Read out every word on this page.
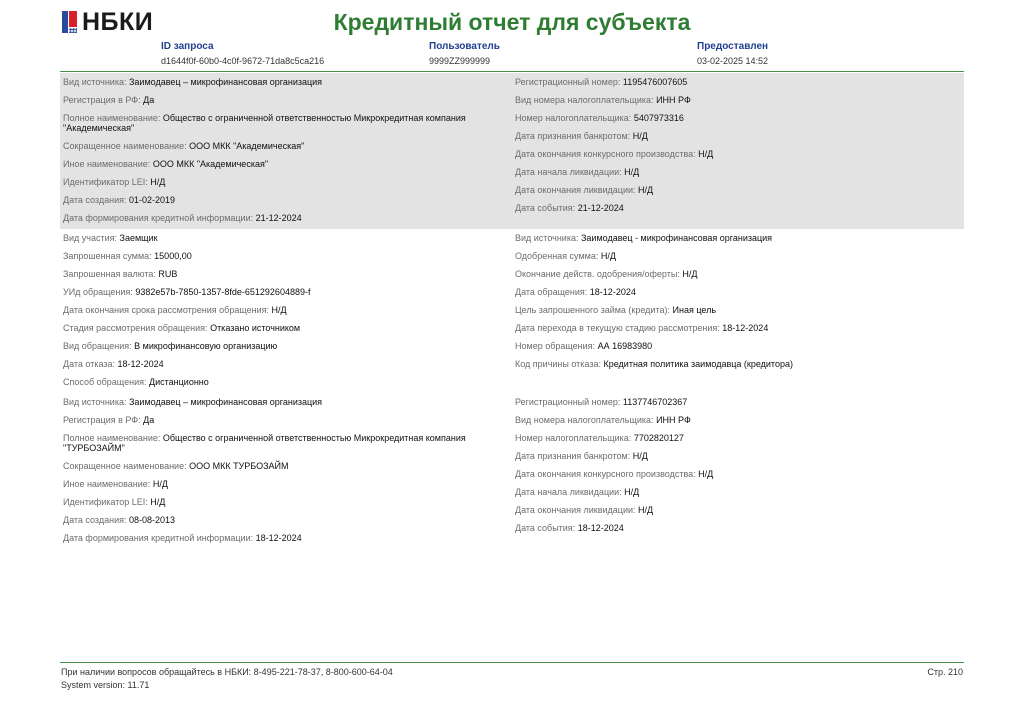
НБКИ	Кредитный отчет для субъекта
ID запроса
d1644f0f-60b0-4c0f-9672-71da8c5ca216
Пользователь
9999ZZ999999
Предоставлен
03-02-2025 14:52
Вид источника: Заимодавец – микрофинансовая организация
Регистрация в РФ: Да
Полное наименование: Общество с ограниченной ответственностью Микрокредитная компания "Академическая"
Сокращенное наименование: ООО МКК "Академическая"
Иное наименование: ООО МКК "Академическая"
Идентификатор LEI: Н/Д
Дата создания: 01-02-2019
Дата формирования кредитной информации: 21-12-2024
Регистрационный номер: 1195476007605
Вид номера налогоплательщика: ИНН РФ
Номер налогоплательщика: 5407973316
Дата признания банкротом: Н/Д
Дата окончания конкурсного производства: Н/Д
Дата начала ликвидации: Н/Д
Дата окончания ликвидации: Н/Д
Дата события: 21-12-2024
Вид участия: Заемщик
Запрошенная сумма: 15000,00
Запрошенная валюта: RUB
УИд обращения: 9382e57b-7850-1357-8fde-651292604889-f
Дата окончания срока рассмотрения обращения: Н/Д
Стадия рассмотрения обращения: Отказано источником
Вид обращения: В микрофинансовую организацию
Дата отказа: 18-12-2024
Способ обращения: Дистанционно
Вид источника: Заимодавец - микрофинансовая организация
Одобренная сумма: Н/Д
Окончание действ. одобрения/оферты: Н/Д
Дата обращения: 18-12-2024
Цель запрошенного займа (кредита): Иная цель
Дата перехода в текущую стадию рассмотрения: 18-12-2024
Номер обращения: АА 16983980
Код причины отказа: Кредитная политика заимодавца (кредитора)
Вид источника: Заимодавец – микрофинансовая организация
Регистрация в РФ: Да
Полное наименование: Общество с ограниченной ответственностью Микрокредитная компания "ТУРБОЗАЙМ"
Сокращенное наименование: ООО МКК ТУРБОЗАЙМ
Иное наименование: Н/Д
Идентификатор LEI: Н/Д
Дата создания: 08-08-2013
Дата формирования кредитной информации: 18-12-2024
Регистрационный номер: 1137746702367
Вид номера налогоплательщика: ИНН РФ
Номер налогоплательщика: 7702820127
Дата признания банкротом: Н/Д
Дата окончания конкурсного производства: Н/Д
Дата начала ликвидации: Н/Д
Дата окончания ликвидации: Н/Д
Дата события: 18-12-2024
При наличии вопросов обращайтесь в НБКИ: 8-495-221-78-37, 8-800-600-64-04
System version: 11.71
Стр. 210
